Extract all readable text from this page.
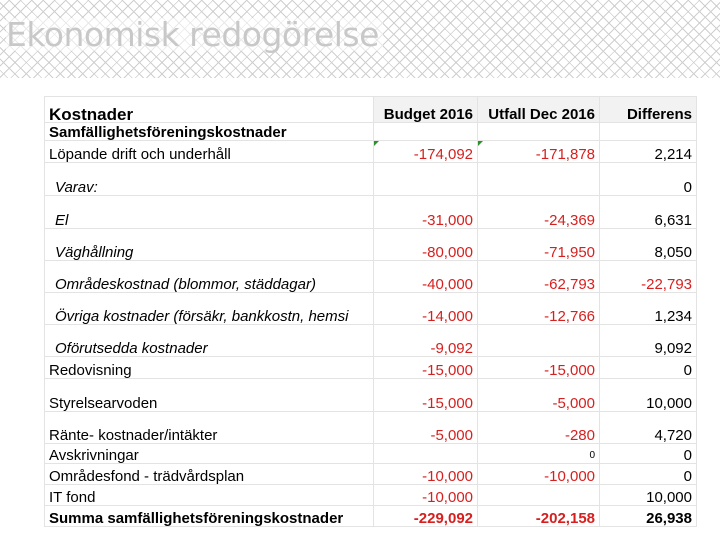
Ekonomisk redogörelse
Kostnader	Budget 2016	Utfall Dec 2016	Differens
Samfällighetsföreningskostnader			
Löpande drift och underhåll	-174,092	-171,878	2,214
Varav:			0
El	-31,000	-24,369	6,631
Väghållning	-80,000	-71,950	8,050
Områdeskostnad (blommor, städdagar)	-40,000	-62,793	-22,793
Övriga kostnader (försäkr, bankkostn, hemsi	-14,000	-12,766	1,234
Oförutsedda kostnader	-9,092		9,092
Redovisning	-15,000	-15,000	0
Styrelsearvoden	-15,000	-5,000	10,000
Ränte- kostnader/intäkter	-5,000	-280	4,720
Avskrivningar		0	0
Områdesfond - trädvårdsplan	-10,000	-10,000	0
IT fond	-10,000		10,000
Summa samfällighetsföreningskostnader	-229,092	-202,158	26,938
